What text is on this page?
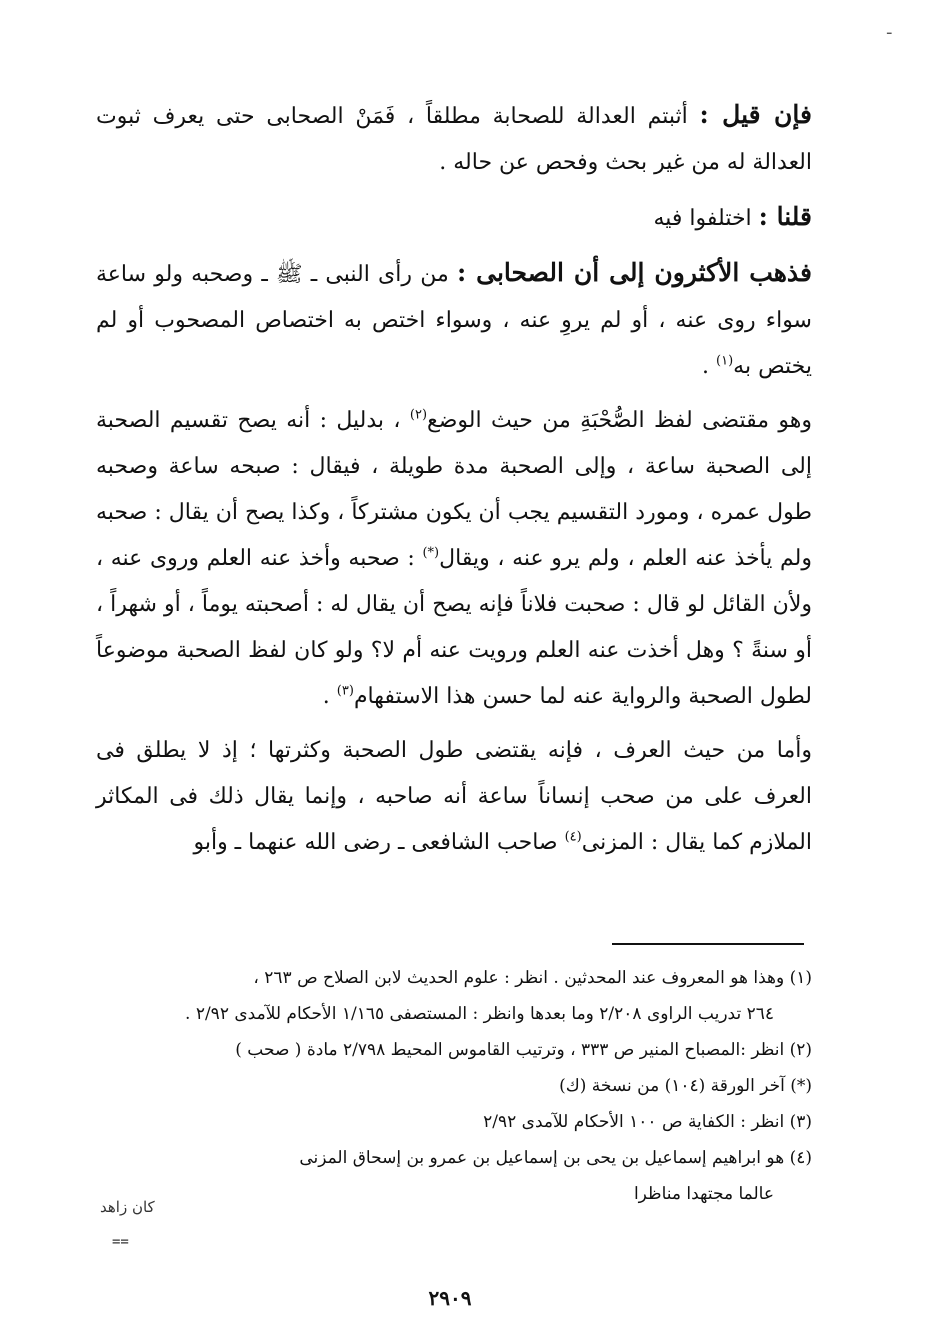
-

فإن قيل : أثبتم العدالة للصحابة مطلقاً ، فَمَنْ الصحابى حتى يعرف ثبوت العدالة له من غير بحث وفحص عن حاله .

قلنا : اختلفوا فيه

فذهب الأكثرون إلى أن الصحابى : من رأى النبى ـ ﷺ ـ وصحبه ولو ساعة سواء روى عنه ، أو لم يروِ عنه ، وسواء اختص به اختصاص المصحوب أو لم يختص به$^{(١)}$ .

وهو مقتضى لفظ الصُّحْبَةِ من حيث الوضع$^{(٢)}$ ، بدليل : أنه يصح تقسيم الصحبة إلى الصحبة ساعة ، وإلى الصحبة مدة طويلة ، فيقال : صبحه ساعة وصحبه طول عمره ، ومورد التقسيم يجب أن يكون مشتركاً ، وكذا يصح أن يقال : صحبه ولم يأخذ عنه العلم ، ولم يرو عنه ، ويقال(*) : صحبه وأخذ عنه العلم وروى عنه ، ولأن القائل لو قال : صحبت فلاناً فإنه يصح أن يقال له : أصحبته يوماً ، أو شهراً ، أو سنةً ؟ وهل أخذت عنه العلم ورويت عنه أم لا؟ ولو كان لفظ الصحبة موضوعاً لطول الصحبة والرواية عنه لما حسن هذا الاستفهام$^{(٣)}$ .

وأما من حيث العرف ، فإنه يقتضى طول الصحبة وكثرتها ؛ إذ لا يطلق فى العرف على من صحب إنساناً ساعة أنه صاحبه ، وإنما يقال ذلك فى المكاثر الملازم كما يقال : المزنى$^{(٤)}$ صاحب الشافعى ـ رضى الله عنهما ـ وأبو

(١) وهذا هو المعروف عند المحدثين . انظر : علوم الحديث لابن الصلاح ص ٢٦٣ ،

٢٦٤ تدريب الراوى ٢/٢٠٨ وما بعدها وانظر : المستصفى ١/١٦٥ الأحكام للآمدى ٢/٩٢ .

(٢) انظر :المصباح المنير ص ٣٣٣ ، وترتيب القاموس المحيط ٢/٧٩٨ مادة ( صحب )

(*) آخر الورقة (١٠٤) من نسخة (ك)

(٣) انظر : الكفاية ص ١٠٠ الأحكام للآمدى ٢/٩٢

(٤) هو ابراهيم إسماعيل بن يحى بن إسماعيل بن عمرو بن إسحاق المزنى

عالما مجتهدا مناظرا

كان زاهد
==
٢٩٠٩
